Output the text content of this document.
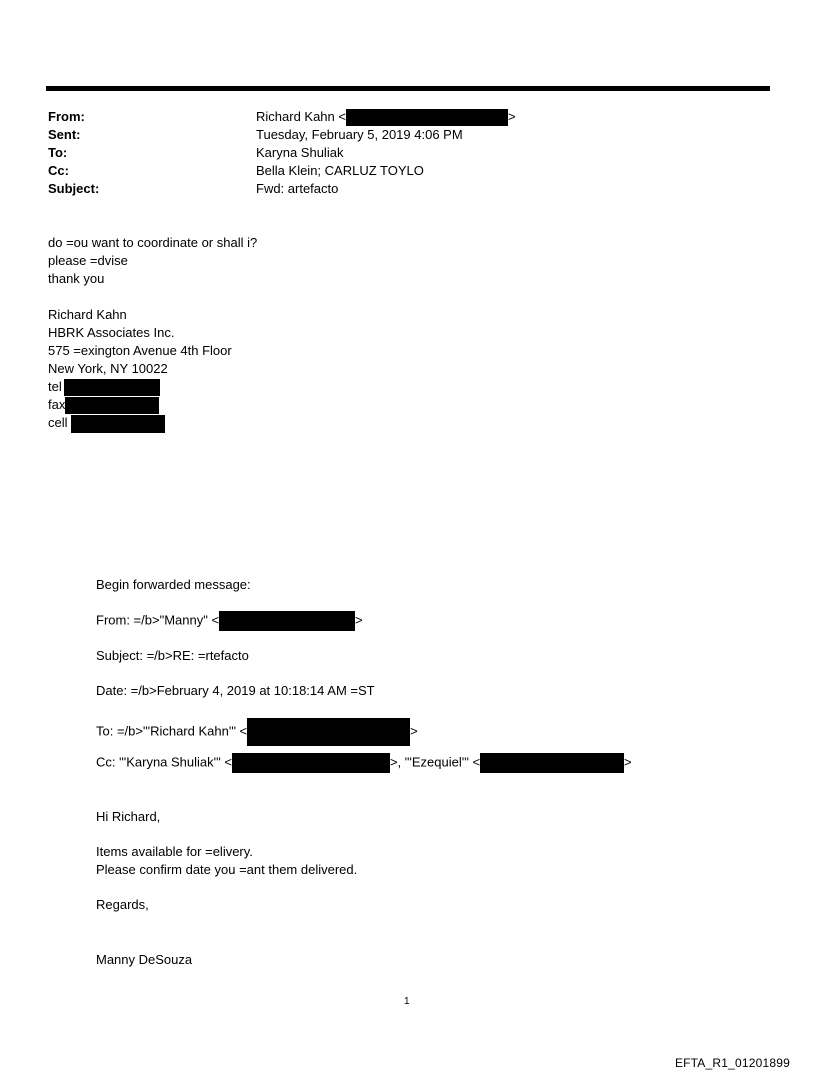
From:	Richard Kahn <	>
Sent:	Tuesday, February 5, 2019 4:06 PM
To:	Karyna Shuliak
Cc:	Bella Klein; CARLUZ TOYLO
Subject:	Fwd: artefacto
do =ou want to coordinate or shall i?
please =dvise
thank you
Richard Kahn
HBRK Associates Inc.
575 =exington Avenue 4th Floor
New York, NY 10022
tel
fax
cell
Begin forwarded message:
From: =/b>"Manny" <	>
Subject: =/b>RE: =rtefacto
Date: =/b>February 4, 2019 at 10:18:14 AM =ST
To: =/b>"'Richard Kahn'" <	>
Cc: "'Karyna Shuliak'" <	>, "'Ezequiel'" <	>
Hi Richard,
Items available for =elivery.
Please confirm date you =ant them delivered.
Regards,
Manny DeSouza
1
EFTA_R1_01201899
